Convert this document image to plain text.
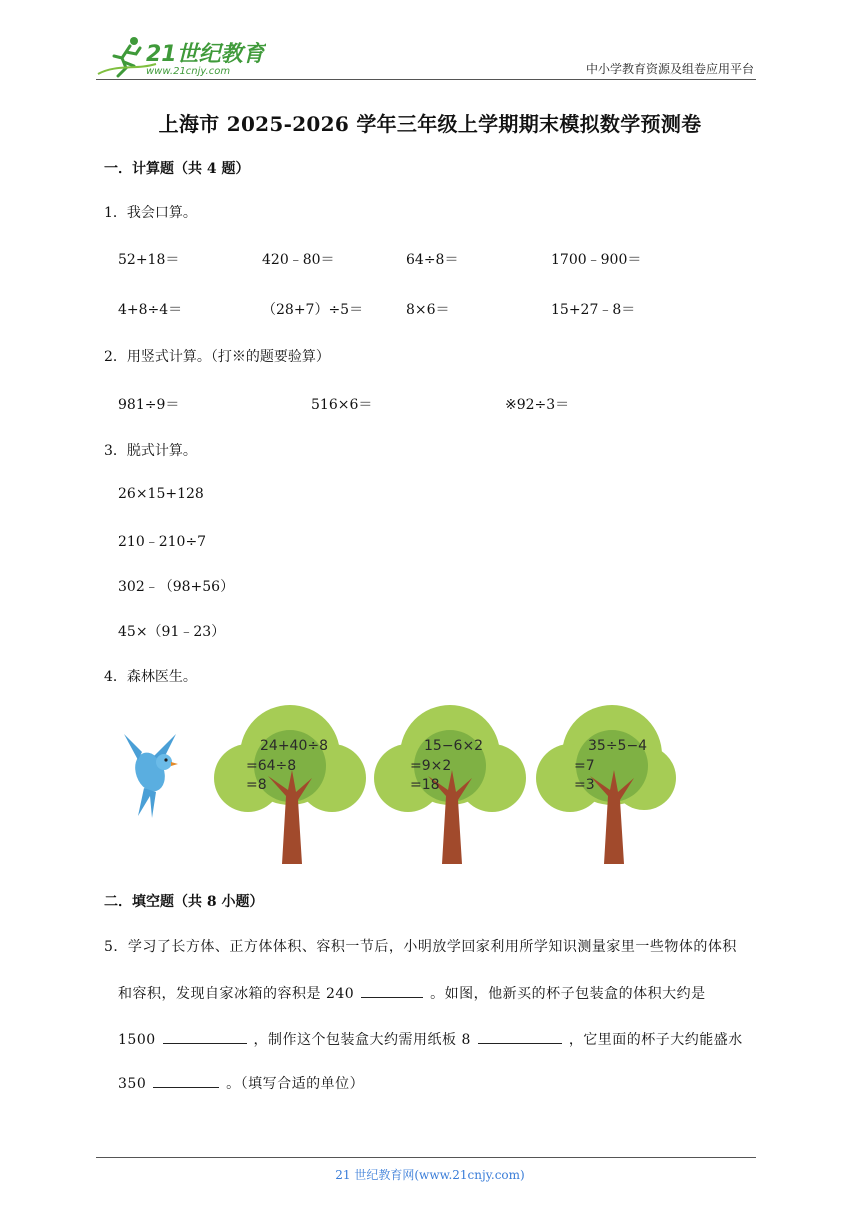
21世纪教育
www.21cnjy.com	中小学教育资源及组卷应用平台
上海市 2025-2026 学年三年级上学期期末模拟数学预测卷
一．计算题（共 4 题）
1．我会口算。
52+18＝	420﹣80＝	64÷8＝	1700﹣900＝
4+8÷4＝	（28+7）÷5＝	8×6＝	15+27﹣8＝
2．用竖式计算。（打※的题要验算）
981÷9＝	516×6＝	※92÷3＝
3．脱式计算。
26×15+128
210﹣210÷7
302﹣（98+56）
45×（91﹣23）
4．森林医生。
24+40÷8
=64÷8
=8
15−6×2
=9×2
=18
35÷5−4
=7
=3
二．填空题（共 8 小题）
5．学习了长方体、正方体体积、容积一节后，小明放学回家利用所学知识测量家里一些物体的体积
和容积，发现自家冰箱的容积是 240	。如图，他新买的杯子包装盒的体积大约是
1500	，制作这个包装盒大约需用纸板 8	，它里面的杯子大约能盛水
350	。（填写合适的单位）
21 世纪教育网(www.21cnjy.com)
